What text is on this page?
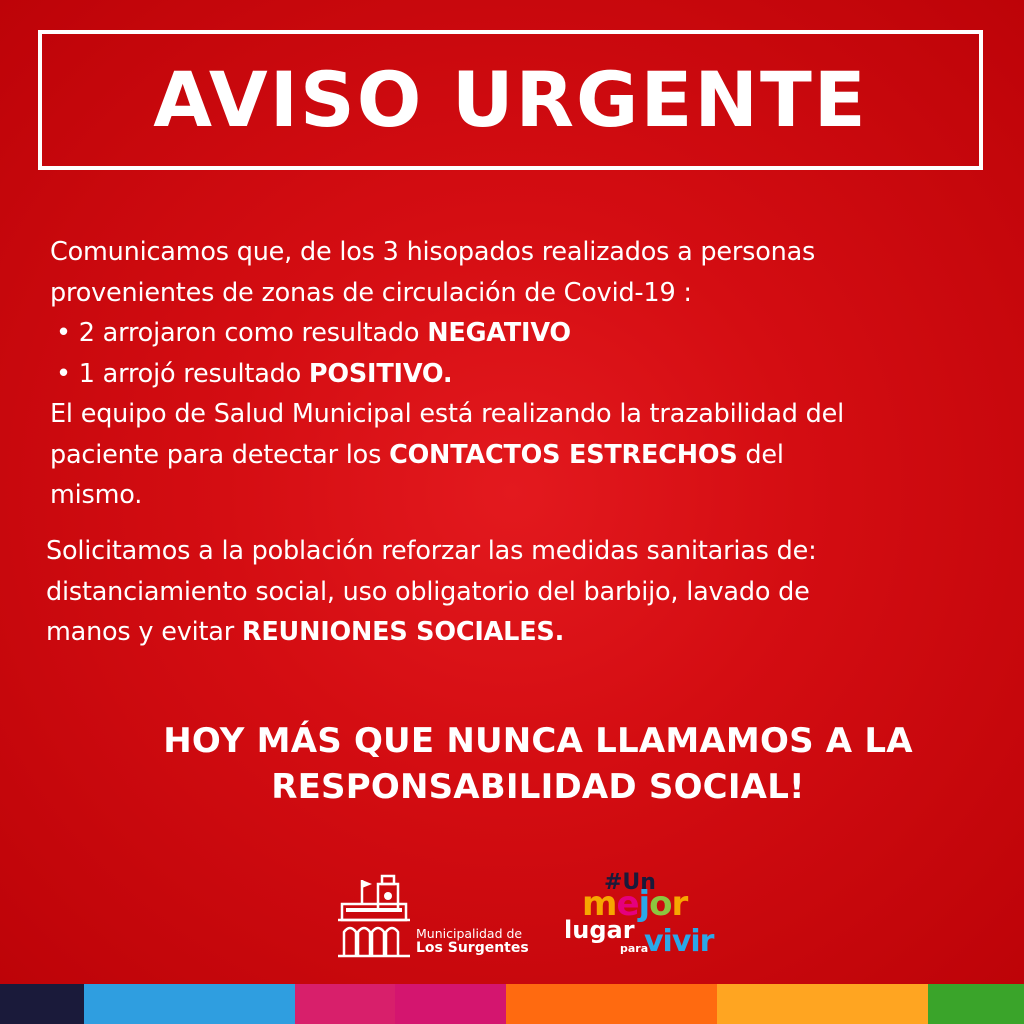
AVISO URGENTE
Comunicamos que, de los 3 hisopados realizados a personas
provenientes de zonas de circulación de Covid-19 :
• 2 arrojaron como resultado NEGATIVO
• 1 arrojó resultado POSITIVO.
El equipo de Salud Municipal está realizando la trazabilidad del
paciente para detectar los CONTACTOS ESTRECHOS del
mismo.
Solicitamos a la población reforzar las medidas sanitarias de:
distanciamiento social, uso obligatorio del barbijo, lavado de
manos y evitar REUNIONES SOCIALES.
HOY MÁS QUE NUNCA LLAMAMOS A LA
RESPONSABILIDAD SOCIAL!
Municipalidad de
Los Surgentes
#Un
mejor
lugar
para
vivir
